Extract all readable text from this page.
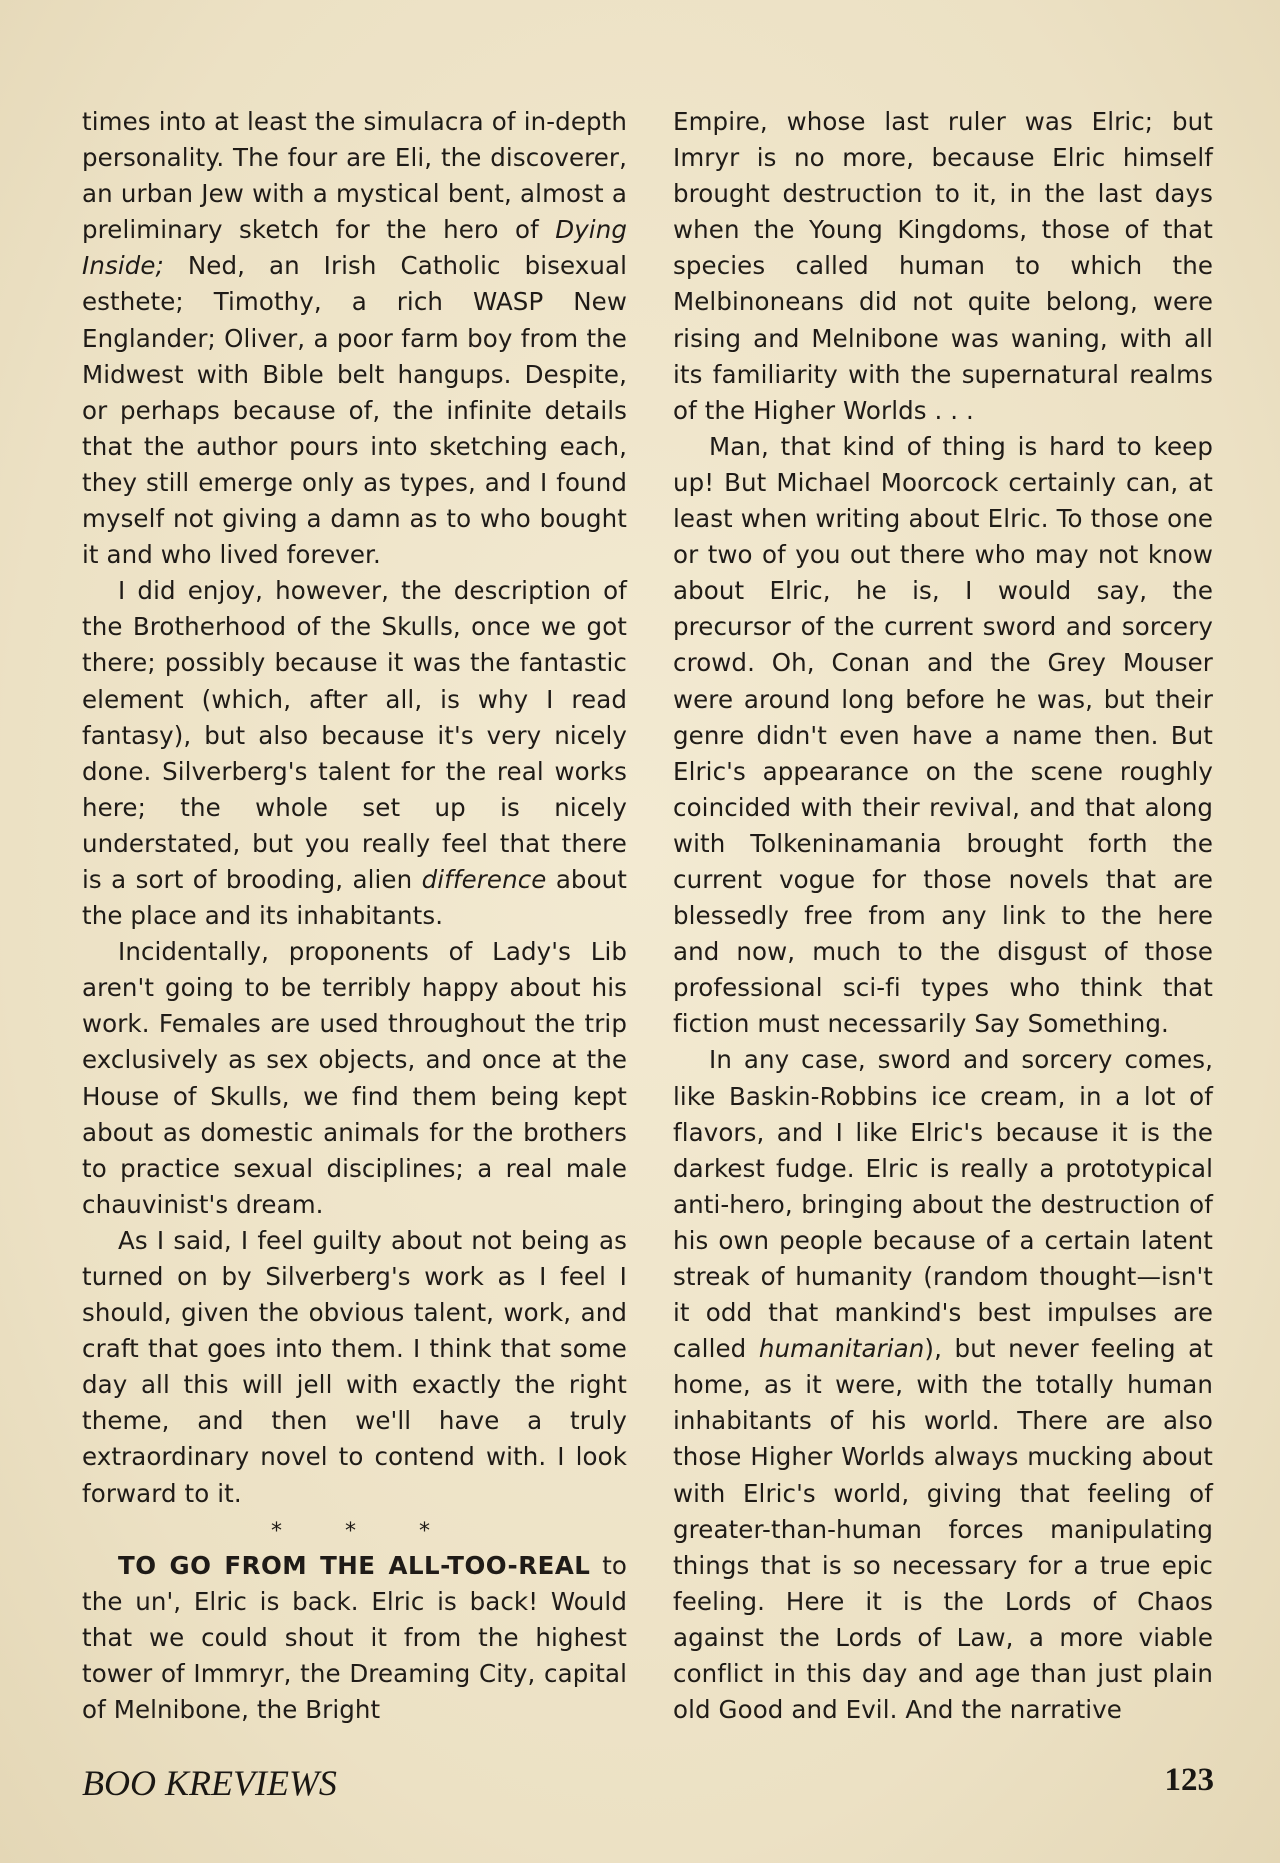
times into at least the simulacra of in-depth personality. The four are Eli, the discoverer, an urban Jew with a mystical bent, almost a preliminary sketch for the hero of Dying Inside; Ned, an Irish Catholic bisexual esthete; Timothy, a rich WASP New Englander; Oliver, a poor farm boy from the Midwest with Bible belt hangups. Despite, or perhaps because of, the infinite details that the author pours into sketching each, they still emerge only as types, and I found myself not giving a damn as to who bought it and who lived forever.

I did enjoy, however, the description of the Brotherhood of the Skulls, once we got there; possibly because it was the fantastic element (which, after all, is why I read fantasy), but also because it's very nicely done. Silverberg's talent for the real works here; the whole set up is nicely understated, but you really feel that there is a sort of brooding, alien difference about the place and its inhabitants.

Incidentally, proponents of Lady's Lib aren't going to be terribly happy about his work. Females are used throughout the trip exclusively as sex objects, and once at the House of Skulls, we find them being kept about as domestic animals for the brothers to practice sexual disciplines; a real male chauvinist's dream.

As I said, I feel guilty about not being as turned on by Silverberg's work as I feel I should, given the obvious talent, work, and craft that goes into them. I think that some day all this will jell with exactly the right theme, and then we'll have a truly extraordinary novel to contend with. I look forward to it.

* * *

TO GO FROM THE ALL-TOO-REAL to the un', Elric is back. Elric is back! Would that we could shout it from the highest tower of Immryr, the Dreaming City, capital of Melnibone, the Bright

Empire, whose last ruler was Elric; but Imryr is no more, because Elric himself brought destruction to it, in the last days when the Young Kingdoms, those of that species called human to which the Melbinoneans did not quite belong, were rising and Melnibone was waning, with all its familiarity with the supernatural realms of the Higher Worlds . . .

Man, that kind of thing is hard to keep up! But Michael Moorcock certainly can, at least when writing about Elric. To those one or two of you out there who may not know about Elric, he is, I would say, the precursor of the current sword and sorcery crowd. Oh, Conan and the Grey Mouser were around long before he was, but their genre didn't even have a name then. But Elric's appearance on the scene roughly coincided with their revival, and that along with Tolkeninamania brought forth the current vogue for those novels that are blessedly free from any link to the here and now, much to the disgust of those professional sci-fi types who think that fiction must necessarily Say Something.

In any case, sword and sorcery comes, like Baskin-Robbins ice cream, in a lot of flavors, and I like Elric's because it is the darkest fudge. Elric is really a prototypical anti-hero, bringing about the destruction of his own people because of a certain latent streak of humanity (random thought—isn't it odd that mankind's best impulses are called humanitarian), but never feeling at home, as it were, with the totally human inhabitants of his world. There are also those Higher Worlds always mucking about with Elric's world, giving that feeling of greater-than-human forces manipulating things that is so necessary for a true epic feeling. Here it is the Lords of Chaos against the Lords of Law, a more viable conflict in this day and age than just plain old Good and Evil. And the narrative

BOO KREVIEWS	123
